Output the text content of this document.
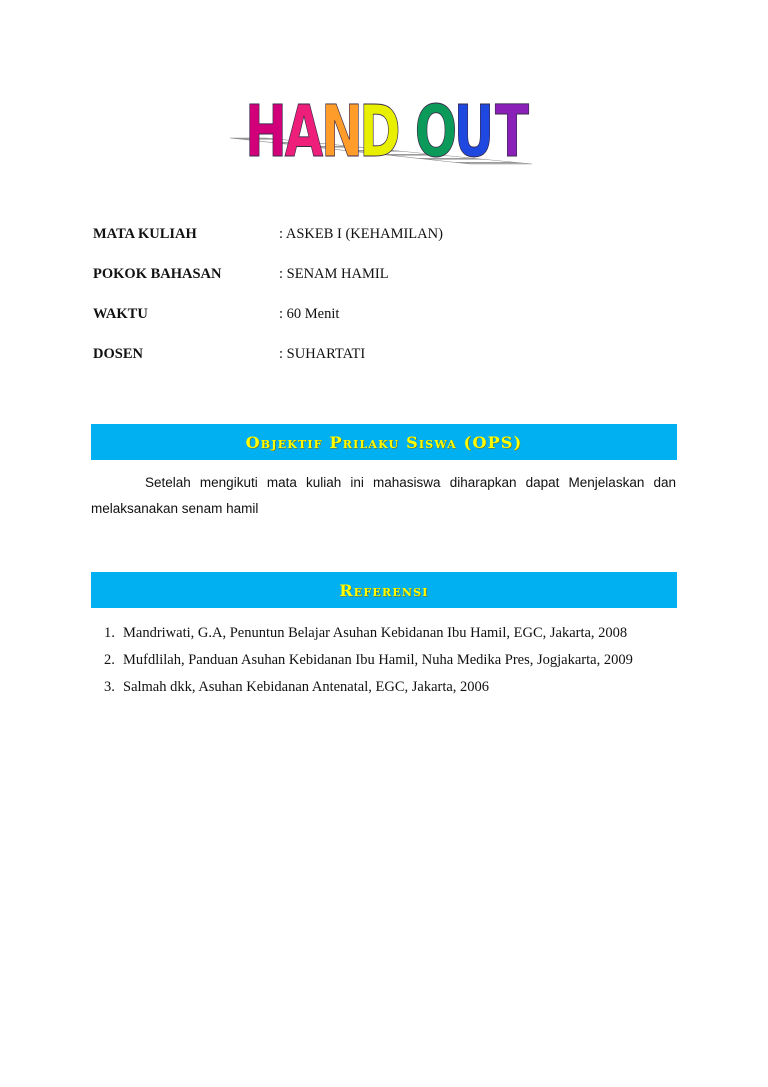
H
A
N
D O
U T
MATA KULIAH	: ASKEB I (KEHAMILAN)
POKOK BAHASAN	: SENAM HAMIL
WAKTU	: 60 Menit
DOSEN	: SUHARTATI
Objektif Prilaku Siswa (OPS)

Setelah mengikuti mata kuliah ini mahasiswa diharapkan dapat Menjelaskan dan melaksanakan senam hamil

Referensi
1. Mandriwati, G.A, Penuntun Belajar Asuhan Kebidanan Ibu Hamil, EGC, Jakarta, 2008
2. Mufdlilah, Panduan Asuhan Kebidanan Ibu Hamil, Nuha Medika Pres, Jogjakarta, 2009
3. Salmah dkk, Asuhan Kebidanan Antenatal, EGC, Jakarta, 2006
